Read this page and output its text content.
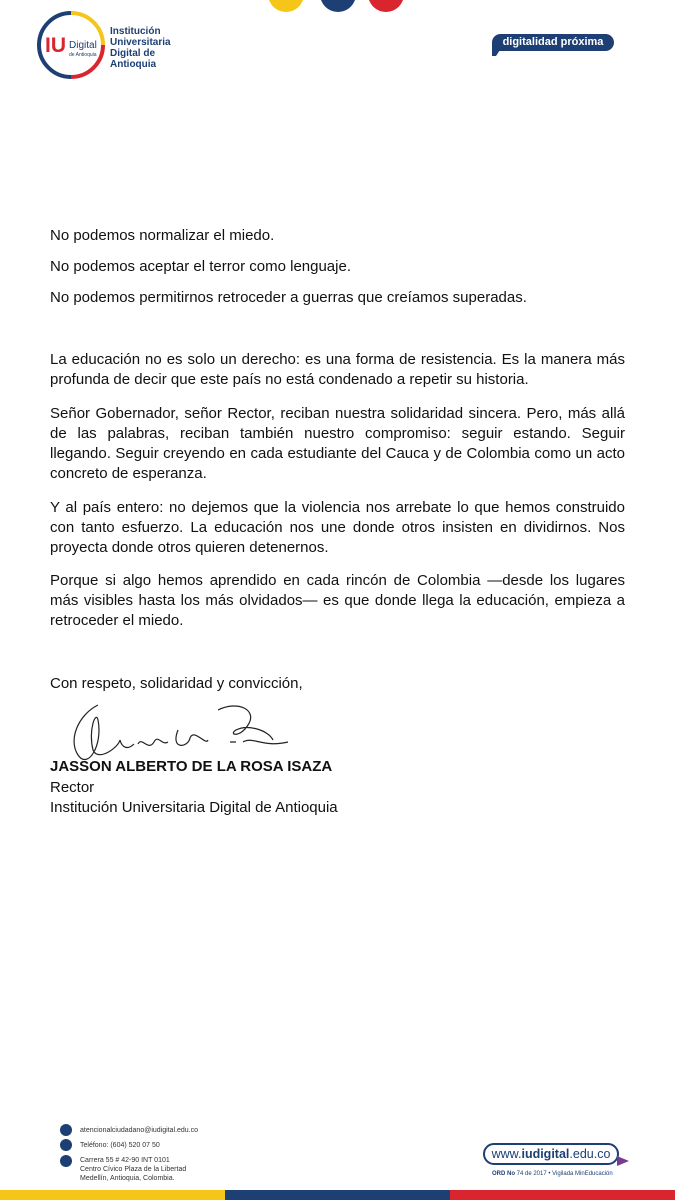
IU Digital
de Antioquia
Institución
Universitaria
Digital de
Antioquia
digitalidad próxima

No podemos normalizar el miedo.

No podemos aceptar el terror como lenguaje.

No podemos permitirnos retroceder a guerras que creíamos superadas.

La educación no es solo un derecho: es una forma de resistencia. Es la manera más profunda de decir que este país no está condenado a repetir su historia.

Señor Gobernador, señor Rector, reciban nuestra solidaridad sincera. Pero, más allá de las palabras, reciban también nuestro compromiso: seguir estando. Seguir llegando. Seguir creyendo en cada estudiante del Cauca y de Colombia como un acto concreto de esperanza.

Y al país entero: no dejemos que la violencia nos arrebate lo que hemos construido con tanto esfuerzo. La educación nos une donde otros insisten en dividirnos. Nos proyecta donde otros quieren detenernos.

Porque si algo hemos aprendido en cada rincón de Colombia —desde los lugares más visibles hasta los más olvidados— es que donde llega la educación, empieza a retroceder el miedo.

Con respeto, solidaridad y convicción,

JASSON ALBERTO DE LA ROSA ISAZA
Rector
Institución Universitaria Digital de Antioquia
atencionalciudadano@iudigital.edu.co
Teléfono: (604) 520 07 50
Carrera 55 # 42-90 INT 0101
Centro Cívico Plaza de la Libertad
Medellín, Antioquia, Colombia.
www.iudigital.edu.co
ORD No 74 de 2017 • Vigilada MinEducación
